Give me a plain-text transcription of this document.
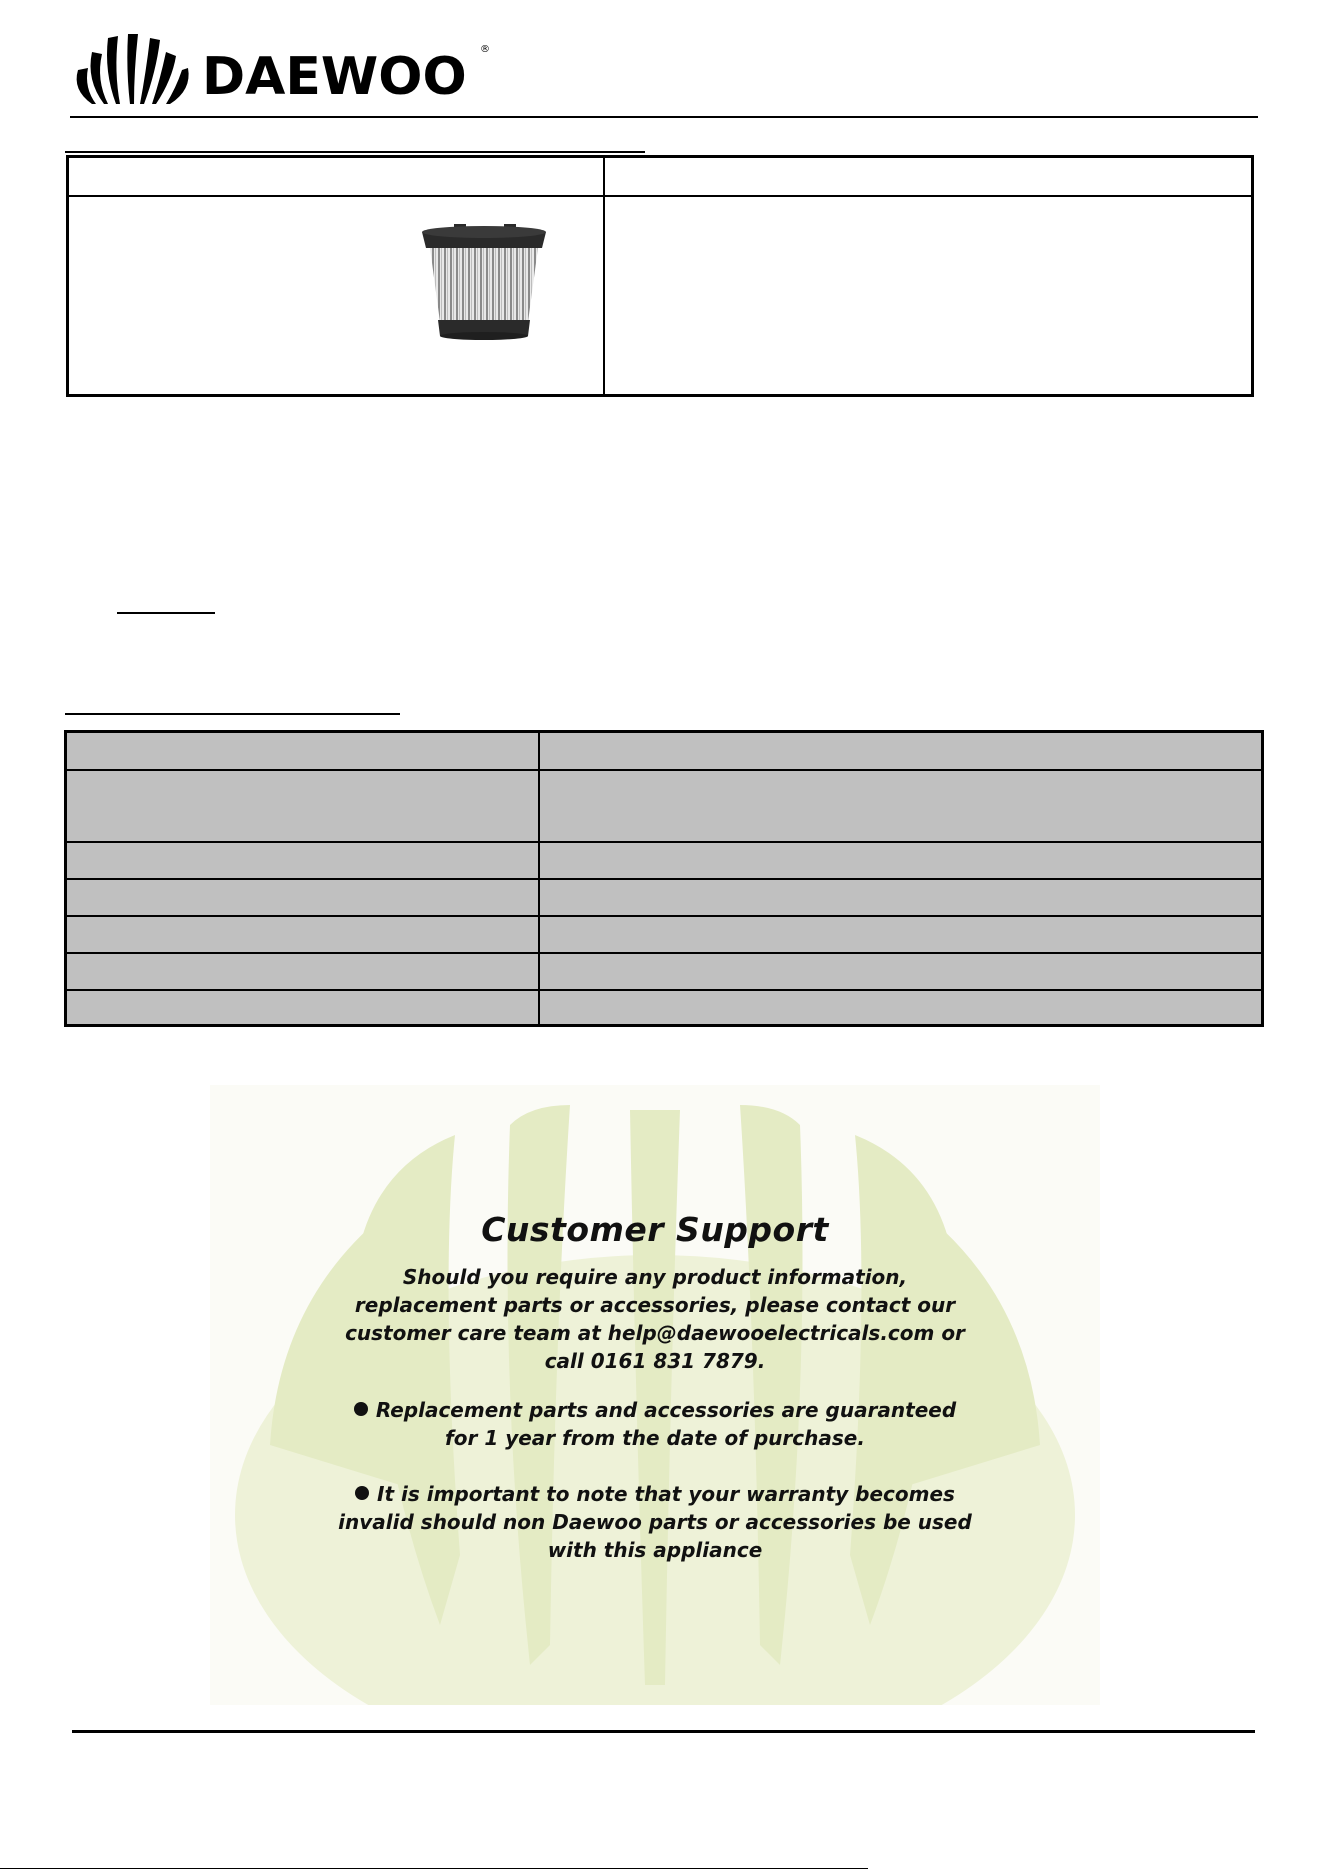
DAEWOO ®
Customer Support
Should you require any product information,
replacement parts or accessories, please contact our
customer care team at help@daewooelectricals.com or
call 0161 831 7879.
Replacement parts and accessories are guaranteed
for 1 year from the date of purchase.
It is important to note that your warranty becomes
invalid should non Daewoo parts or accessories be used
with this appliance
